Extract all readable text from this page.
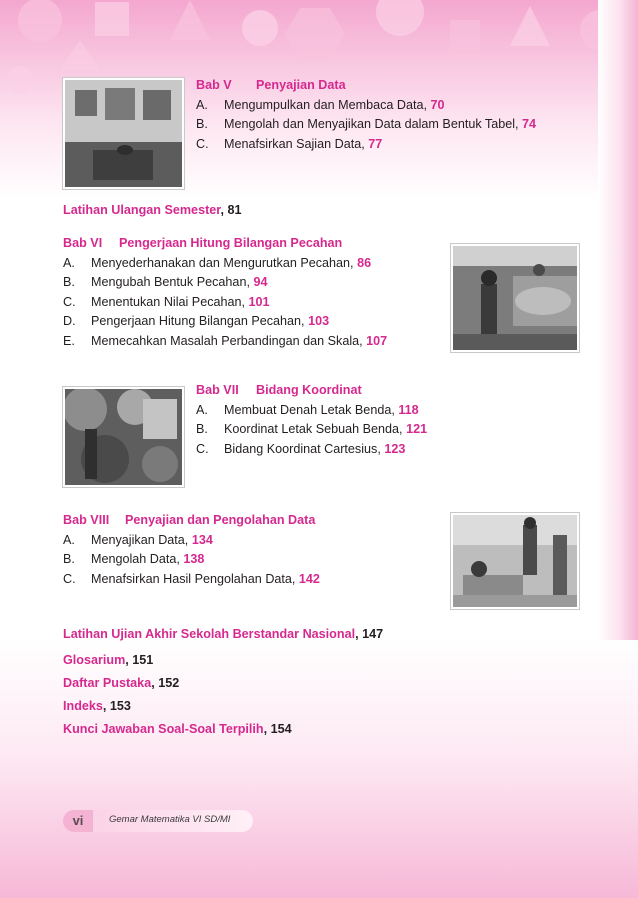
Bab V Penyajian Data
A. Mengumpulkan dan Membaca Data, 70
B. Mengolah dan Menyajikan Data dalam Bentuk Tabel, 74
C. Menafsirkan Sajian Data, 77
Latihan Ulangan Semester, 81
Bab VI Pengerjaan Hitung Bilangan Pecahan
A. Menyederhanakan dan Mengurutkan Pecahan, 86
B. Mengubah Bentuk Pecahan, 94
C. Menentukan Nilai Pecahan, 101
D. Pengerjaan Hitung Bilangan Pecahan, 103
E. Memecahkan Masalah Perbandingan dan Skala, 107
Bab VII Bidang Koordinat
A. Membuat Denah Letak Benda, 118
B. Koordinat Letak Sebuah Benda, 121
C. Bidang Koordinat Cartesius, 123
Bab VIII Penyajian dan Pengolahan Data
A. Menyajikan Data, 134
B. Mengolah Data, 138
C. Menafsirkan Hasil Pengolahan Data, 142
Latihan Ujian Akhir Sekolah Berstandar Nasional, 147
Glosarium, 151
Daftar Pustaka, 152
Indeks, 153
Kunci Jawaban Soal-Soal Terpilih, 154
vi	Gemar Matematika VI SD/MI
